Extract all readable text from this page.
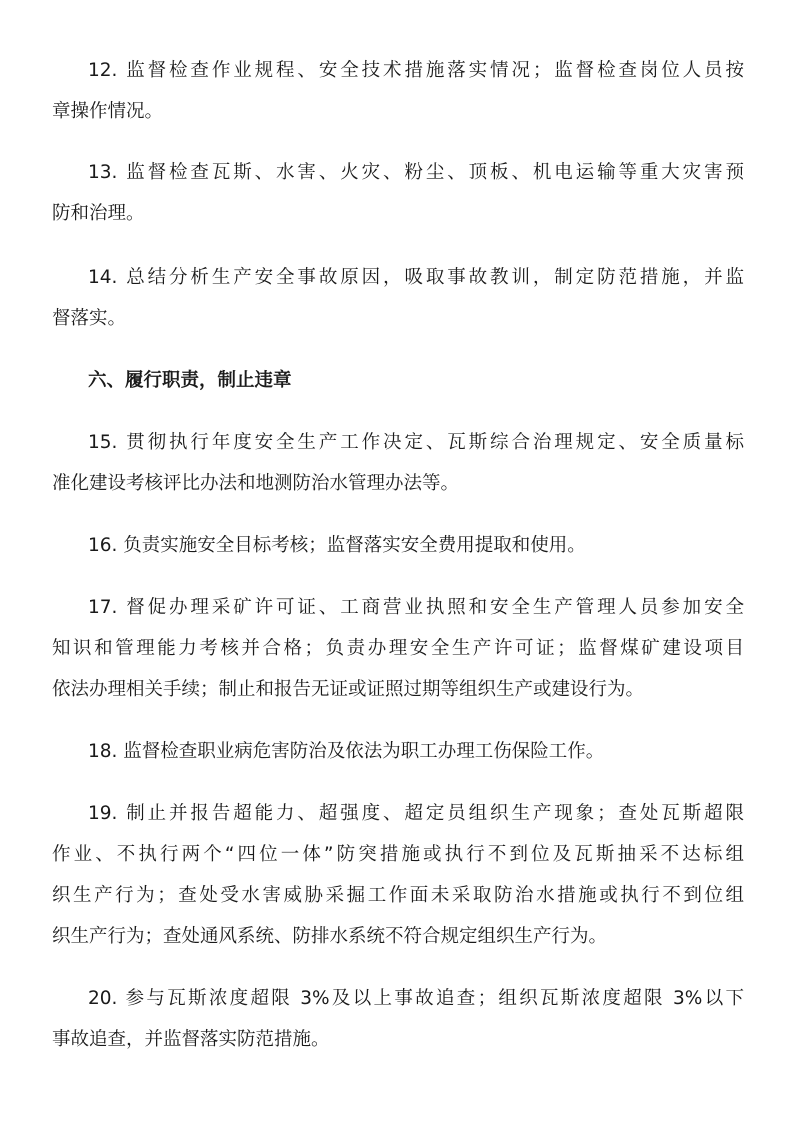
12. 监督检查作业规程、安全技术措施落实情况；监督检查岗位人员按
章操作情况。
13. 监督检查瓦斯、水害、火灾、粉尘、顶板、机电运输等重大灾害预
防和治理。
14. 总结分析生产安全事故原因，吸取事故教训，制定防范措施，并监
督落实。
六、履行职责，制止违章
15. 贯彻执行年度安全生产工作决定、瓦斯综合治理规定、安全质量标
准化建设考核评比办法和地测防治水管理办法等。
16. 负责实施安全目标考核；监督落实安全费用提取和使用。
17. 督促办理采矿许可证、工商营业执照和安全生产管理人员参加安全
知识和管理能力考核并合格；负责办理安全生产许可证；监督煤矿建设项目
依法办理相关手续；制止和报告无证或证照过期等组织生产或建设行为。
18. 监督检查职业病危害防治及依法为职工办理工伤保险工作。
19. 制止并报告超能力、超强度、超定员组织生产现象；查处瓦斯超限
作业、不执行两个“四位一体”防突措施或执行不到位及瓦斯抽采不达标组
织生产行为；查处受水害威胁采掘工作面未采取防治水措施或执行不到位组
织生产行为；查处通风系统、防排水系统不符合规定组织生产行为。
20. 参与瓦斯浓度超限 3%及以上事故追查；组织瓦斯浓度超限 3%以下
事故追查，并监督落实防范措施。
